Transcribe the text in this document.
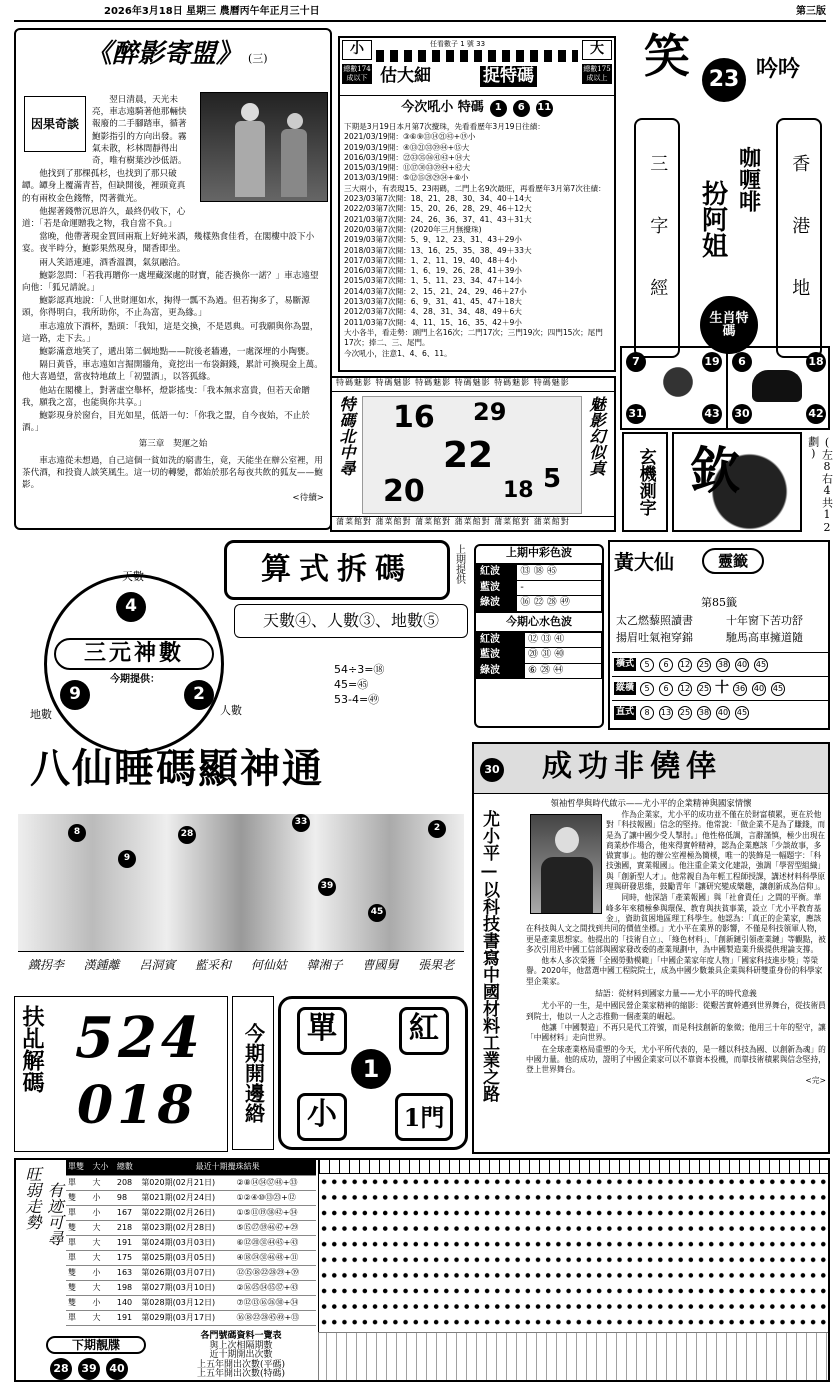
2026年3月18日 星期三 農曆丙午年正月三十日	第三版
《醉影寄盟》 (三)
因果奇談

翌日清晨，天光未亮，車志遠騎著他那輛快報廢的二手腳踏車，循著鮑影指引的方向出發。霧氣未散，杉林間靜得出奇，唯有樹葉沙沙低語。

他找到了那棵孤杉，也找到了那只破罈。罈身上覆滿青苔，但缺開後，裡頭竟真的有兩枚金色錢幣，閃著微光。

他握著錢幣沉思許久，最終仍收下，心道：「若是命運贈我之物，我自當不負。」

當晚，他帶著現金買回兩瓶上好純米酒，幾樣熟食佳肴，在閣樓中設下小宴。夜半時分，鮑影果然現身，聞香即坐。

兩人笑語連連，酒香溫潤，氣氛融洽。

鮑影忽問：「若我再贈你一處埋藏深處的財寶，能否換你一諾？」車志遠望向他：「狐兄請說。」

鮑影認真地說：「人世財運如水，掬得一瓢不為過。但若掬多了，易斷源頭，你得明白，我所助你，不止為富，更為緣。」

車志遠放下酒杯，點頭：「我知，這是交換，不是恩典。可我願與你為盟，這一路，走下去。」

鮑影滿意地笑了，遞出第二個地點——院後老牆邊，一處深埋的小陶甕。

隔日黃昏，車志遠如言掘開牆角，竟挖出一布袋銅錢，累計可換現金上萬。他大喜過望，當夜特地啟上「初盟酒」，以答狐緣。

他站在閣樓上，對著虛空舉杯，燈影搖曳：「我本無求富貴，但若天命贈我，願我之富，也能與你共享。」

鮑影現身於窗台，目光如星，低語一句：「你我之盟，自今夜始，不止於酒。」

第三章　契運之始

車志遠從未想過，自己這個一貧如洗的窮書生，竟，天能坐在辦公室裡，用茶代酒，和投資人談笑風生。這一切的轉變，都始於那名每夜共飲的狐友——鮑影。

<待續>

小	大
總數174 成以下
總數175 成以上
任看數子 1 號 33
估大細	捉特碼
今次吼小 特碼	1	6	11
下期是3月19日本月第7次攪珠，先看看歷年3月19日往績：
2021/03/19開：③⑥⑨⑬⑭㉑㊸+⑲小
2019/03/19開：④⑬㉑㉝㊴㊹+⑮大
2016/03/19開：㉒㉝㉟㊱㊶㊸+⑭大
2015/03/19開：⑪⑰㉚㉝㊴㊹+㊷大
2013/03/19開：⑤⑫⑮㉘㉙㉞+⑧小
三大兩小，有表現15、23兩碼，二門上名9次最旺，再看歷年3月第7次往績：
2023/03第7次開：18、21、28、30、34、40＋14大
2022/03第7次開：15、20、26、28、29、46＋12大
2021/03第7次開：24、26、36、37、41、43＋31大
2020/03第7次開：(2020年三月無攪珠)
2019/03第7次開：5、9、12、23、31、43＋29小
2018/03第7次開：13、16、25、35、38、49＋33大
2017/03第7次開：1、2、11、19、40、48＋4小
2016/03第7次開：1、6、19、26、28、41＋39小
2015/03第7次開：1、5、11、23、34、47＋14小
2014/03第7次開：2、15、21、24、29、46＋27小
2013/03第7次開：6、9、31、41、45、47＋18大
2012/03第7次開：4、28、31、34、48、49＋6大
2011/03第7次開：4、11、15、16、35、42＋9小
大小各半，看走勢：頭門上名16次；二門17次；三門19次；四門15次；尾門17次；捧二、三、尾門。
今次吼小，注意1、4、6、11。
笑 23 吟吟
三字經	香港地
咖喱啡
扮阿姐
生肖特碼
7	19	6	18
31	43 30	42
特碼魅影 特碼魅影 特碼魅影 特碼魅影 特碼魅影 特碼魅影
特碼北中尋	魅影幻似真
16 29
22
20	18 5
蒲菜館對 蒲菜館對 蒲菜館對 蒲菜館對 蒲菜館對 蒲菜館對
玄機測字 欽	(左8右4共12劃)
算式拆碼	上期提供
天數④、人數③、地數⑤
54÷3=⑱
45=㊺
53-4=㊾
4
天數
三元神數
今期提供：
9	2
地數	人數
上期中彩色波
紅波	⑬ ⑱ ㊺
藍波	-
綠波	⑯ ㉒ ㉘ ㊾
今期心水色波
紅波	⑫ ⑬ ㊶
藍波	⑳ ㉛ ㊵
綠波	⑥ ㉘ ㊹
黃大仙	靈籤
第85籤
太乙燃藜照讀書
揚眉吐氣袍穿錦
十年窗下苦功舒
馳馬高車擁道隨
橫式	5	6	12 25 38 40 45
縱橫	5	6	12 25 十 36 40 45
直式	8	13 25 38 40 45
八仙睡碼顯神通
8
9
28
33
39
45
2
鐵拐李 漢鍾離 呂洞賓 藍采和 何仙姑 韓湘子 曹國舅 張果老
30 成功非僥倖
領袖哲學與時代啟示——尤小平的企業精神與國家情懷
尤小平—以科技書寫中國材料工業之路	作為企業家，尤小平的成功並不僅在於財富積累，更在於他對「科技報國」信念的堅持。他常說：「做企業不是為了賺錢，而是為了讓中國少受人掣肘。」他性格低調，言辭謹慎，極少出現在商業炒作場合，他來得實幹精神，認為企業應該「少談故事，多做實事」。他的辦公室裡極為簡樸，唯一的裝飾是一幅題字：「科技強國，實業報國」。他注重企業文化建設，強調「學習型組織」與「創新型人才」。他常親自為年輕工程師授課，講述材料科學原理與研發思維，鼓勵青年「讓研究變成樂趣，讓創新成為信仰」。

同時，他深諳「產業報國」與「社會責任」之間的平衡。華峰多年來積極參與環保、教育與扶貧事業，設立「尤小平教育基金」，資助貧困地區理工科學生。他認為：「真正的企業家，應該在科技與人文之間找到共同的價值坐標。」尤小平在業界的影響，不僅是科技領軍人物，更是產業思想家。他提出的「技術自立」、「綠色材料」、「創新鏈引領產業鏈」等觀點，被多次引用於中國工信部與國家發改委的產業規劃中，為中國製造業升級提供理論支撐。

他本人多次榮獲「全國勞動模範」「中國企業家年度人物」「國家科技進步獎」等榮譽。2020年，他當選中國工程院院士，成為中國少數兼具企業與科研雙重身份的科學家型企業家。

結語：從材料到國家力量——尤小平的時代意義

尤小平的一生，是中國民營企業家精神的縮影：從艱苦實幹邁到世界舞台，從技術員到院士，他以一人之志推動一個產業的崛起。

他讓「中國製造」不再只是代工符號，而是科技創新的象徵；他用三十年的堅守，讓「中國材料」走向世界。

在全球產業格局重塑的今天，尤小平所代表的，是一種以科技為國、以創新為魂」的中國力量。他的成功，證明了中國企業家可以不靠資本投機，而靠技術積累與信念堅持，登上世界舞台。

<完>

扶乩解碼 524
018	今期開邊綹	單	紅
1
小	1門
旺弱走勢 有迹可尋
單雙	大小	總數	最近十期攪珠結果	
單	大	208	第020期(02月21日)	②⑧⑭㉞㊲㊽+㉝
雙	小	98	第021期(02月24日)	①②④⑩⑬㉓+⑫
單	小	167	第022期(02月26日)	①⑤⑪⑲㊳㊷+㉞
雙	大	218	第023期(02月28日)	⑤⑮㉗㊴㊻㊼+㉙
單	大	191	第024期(03月03日)	⑥⑫⑳㉛㊹㊺+㊸
單	大	175	第025期(03月05日)	④⑱㉔㉛㊻㊽+⑪
雙	小	163	第026期(03月07日)	⑫⑮⑱㉒㉘㉙+㊴
雙	大	198	第027期(03月10日)	②⑯㉕㉞㉟㊲+㊸
雙	小	140	第028期(03月12日)	⑦⑫⑬⑯㉖㉚+㉞
單	大	191	第029期(03月17日)	⑯⑱㉒㉘㊺㊾+⑬
下期靚牒
28	39	40
各門號碼資料一覽表
與上次相隔期數
近十期開出次數
上五年開出次數(平碼)
上五年開出次數(特碼)
